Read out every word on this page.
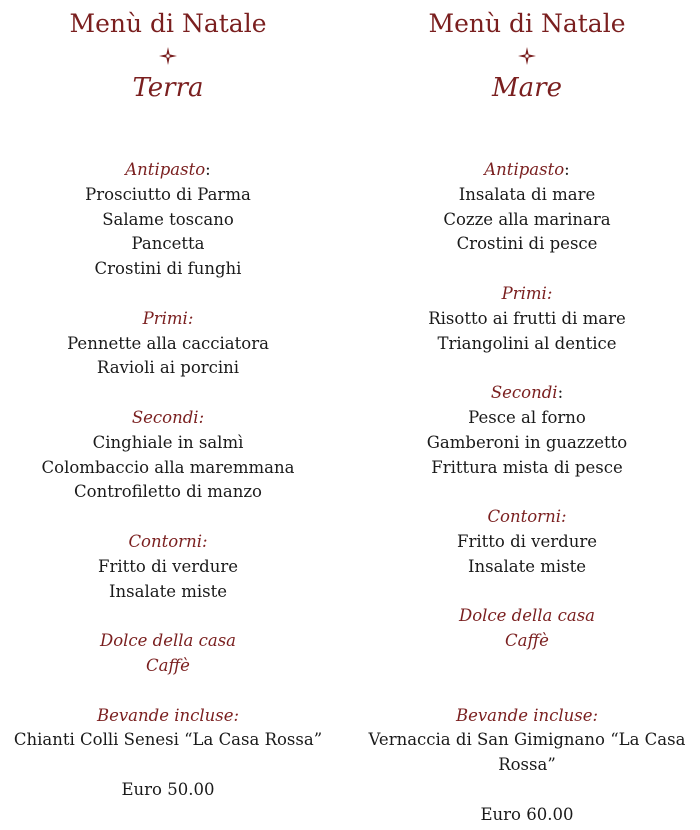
Menù di Natale
Terra
Antipasto:
Prosciutto di Parma
Salame toscano
Pancetta
Crostini di funghi
Primi:
Pennette alla cacciatora
Ravioli ai porcini
Secondi:
Cinghiale in salmì
Colombaccio alla maremmana
Controfiletto di manzo
Contorni:
Fritto di verdure
Insalate miste
Dolce della casa
Caffè
Bevande incluse:
Chianti Colli Senesi “La Casa Rossa”
Euro 50.00
Menù di Natale
Mare
Antipasto:
Insalata di mare
Cozze alla marinara
Crostini di pesce
Primi:
Risotto ai frutti di mare
Triangolini al dentice
Secondi:
Pesce al forno
Gamberoni in guazzetto
Frittura mista di pesce
Contorni:
Fritto di verdure
Insalate miste
Dolce della casa
Caffè
Bevande incluse:
Vernaccia di San Gimignano “La Casa Rossa”
Euro 60.00
